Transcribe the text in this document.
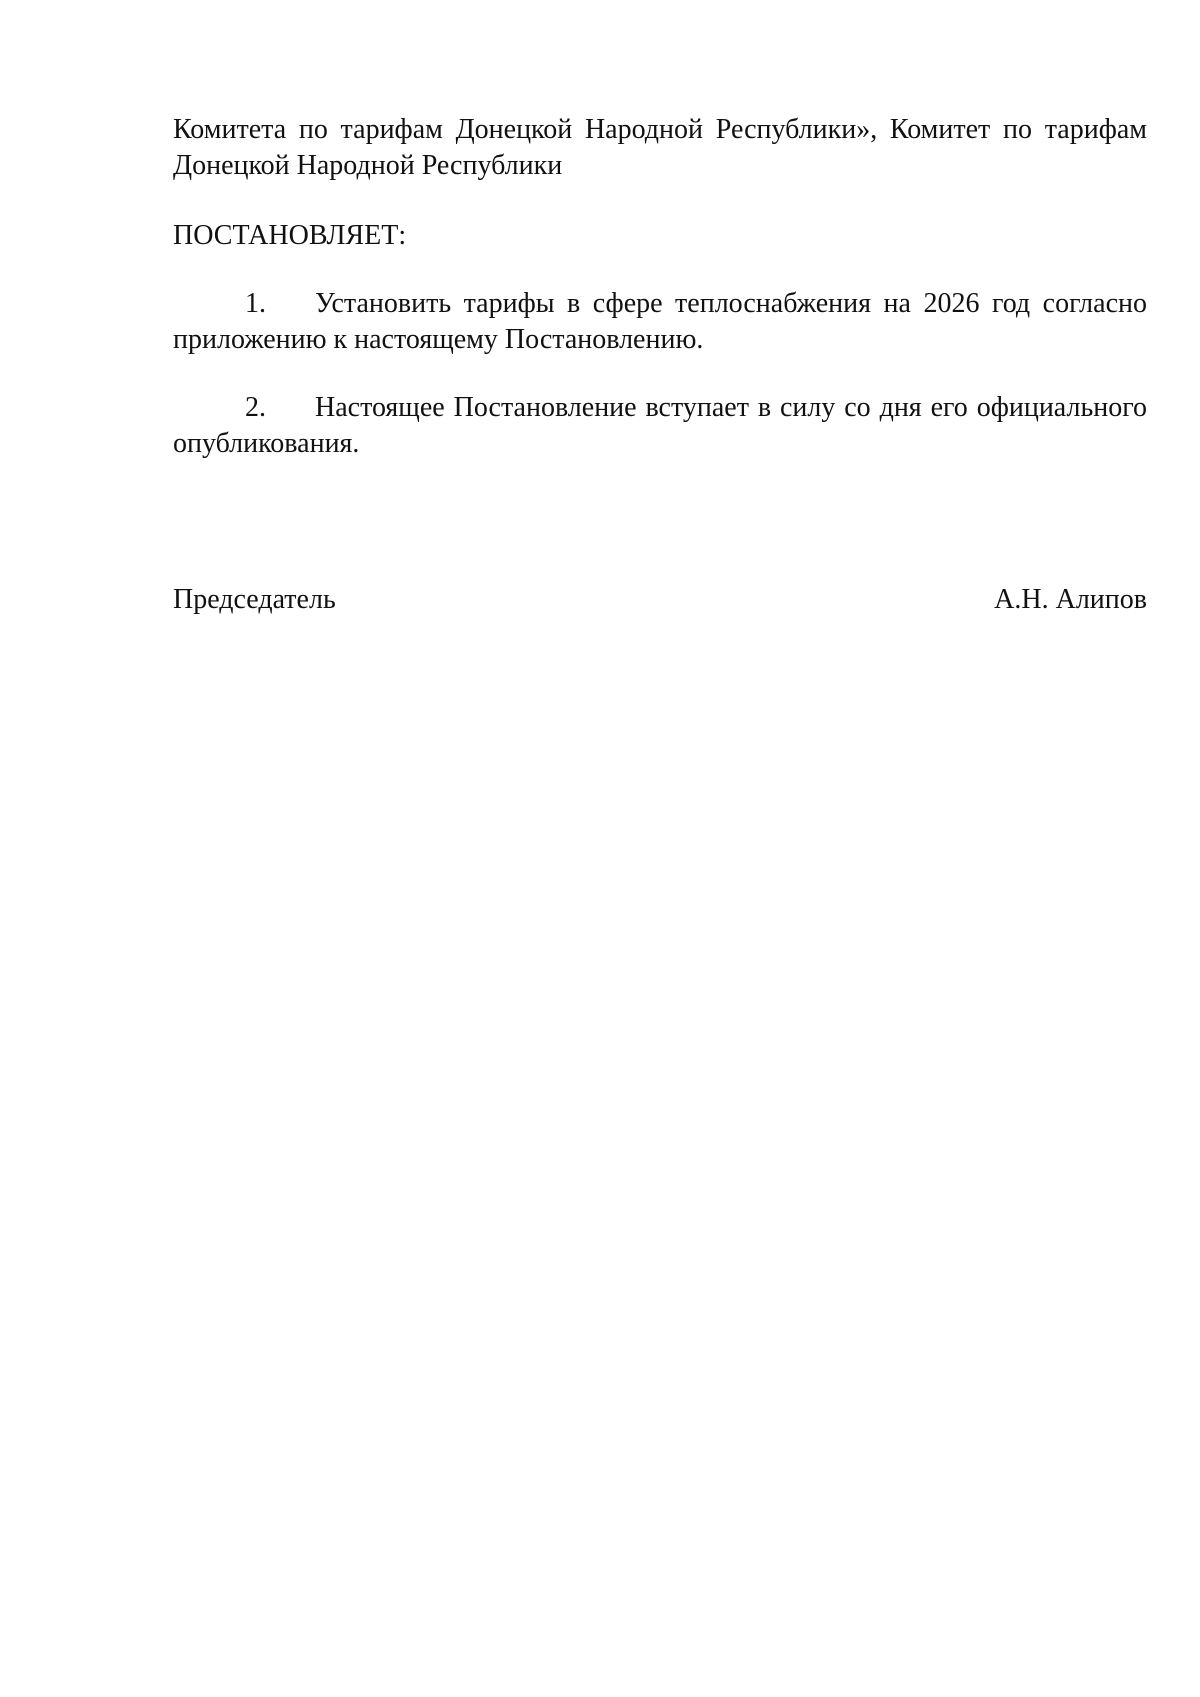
Комитета по тарифам Донецкой Народной Республики», Комитет по тарифам Донецкой Народной Республики

ПОСТАНОВЛЯЕТ:

1. Установить тарифы в сфере теплоснабжения на 2026 год согласно приложению к настоящему Постановлению.

2. Настоящее Постановление вступает в силу со дня его официального опубликования.

Председатель	А.Н. Алипов
